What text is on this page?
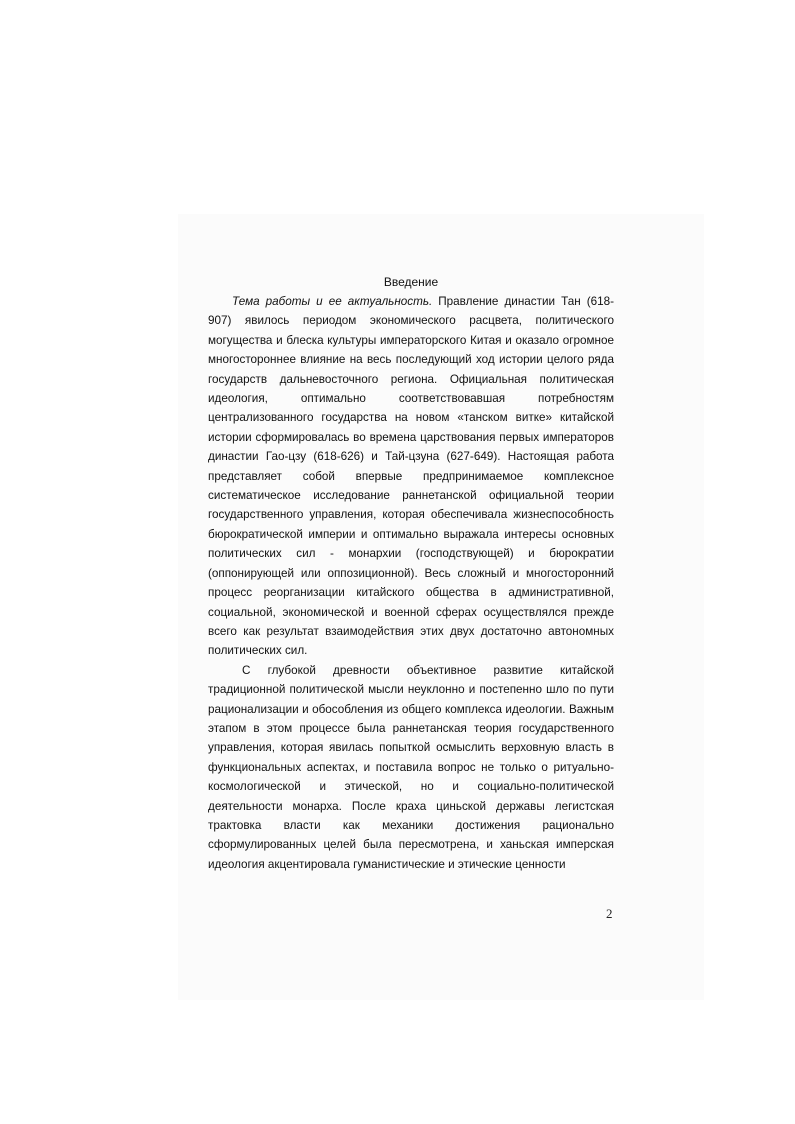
Введение

Тема работы и ее актуальность. Правление династии Тан (618-907) явилось периодом экономического расцвета, политического могущества и блеска культуры императорского Китая и оказало огромное многостороннее влияние на весь последующий ход истории целого ряда государств дальневосточного региона. Официальная политическая идеология, оптимально соответствовавшая потребностям централизованного государства на новом «танском витке» китайской истории сформировалась во времена царствования первых императоров династии Гао-цзу (618-626) и Тай-цзуна (627-649). Настоящая работа представляет собой впервые предпринимаемое комплексное систематическое исследование раннетанской официальной теории государственного управления, которая обеспечивала жизнеспособность бюрократической империи и оптимально выражала интересы основных политических сил - монархии (господствующей) и бюрократии (оппонирующей или оппозиционной). Весь сложный и многосторонний процесс реорганизации китайского общества в административной, социальной, экономической и военной сферах осуществлялся прежде всего как результат взаимодействия этих двух достаточно автономных политических сил.

С глубокой древности объективное развитие китайской традиционной политической мысли неуклонно и постепенно шло по пути рационализации и обособления из общего комплекса идеологии. Важным этапом в этом процессе была раннетанская теория государственного управления, которая явилась попыткой осмыслить верховную власть в функциональных аспектах, и поставила вопрос не только о ритуально-космологической и этической, но и социально-политической деятельности монарха. После краха циньской державы легистская трактовка власти как механики достижения рационально сформулированных целей была пересмотрена, и ханьская имперская идеология акцентировала гуманистические и этические ценности

2
